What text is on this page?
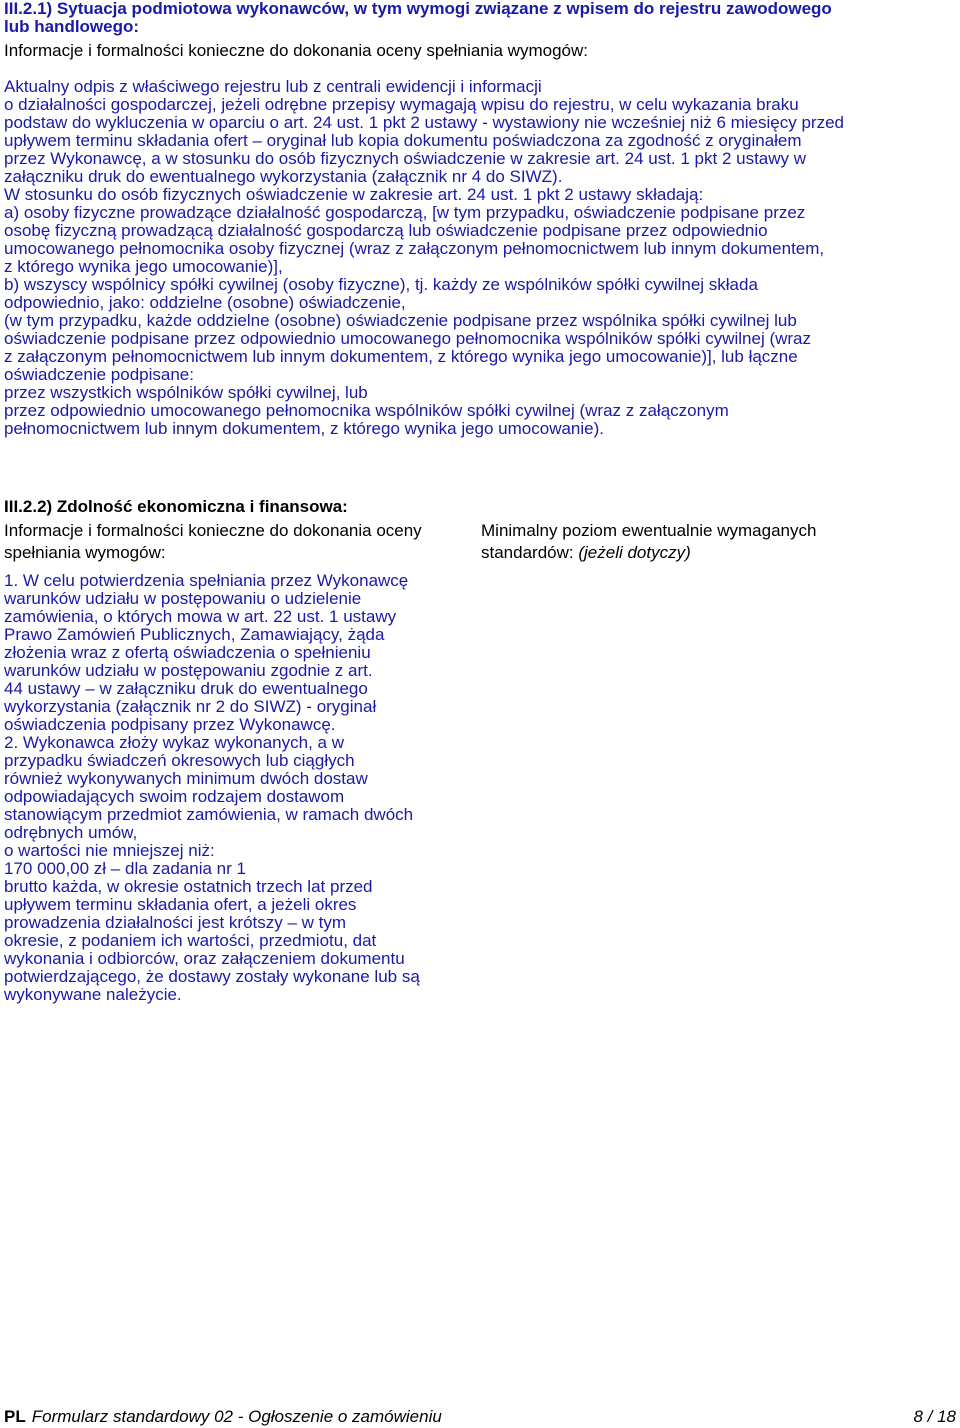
III.2.1) Sytuacja podmiotowa wykonawców, w tym wymogi związane z wpisem do rejestru zawodowego
lub handlowego:
Informacje i formalności konieczne do dokonania oceny spełniania wymogów:
Aktualny odpis z właściwego rejestru lub z centrali ewidencji i informacji
o działalności gospodarczej, jeżeli odrębne przepisy wymagają wpisu do rejestru, w celu wykazania braku
podstaw do wykluczenia w oparciu o art. 24 ust. 1 pkt 2 ustawy - wystawiony nie wcześniej niż 6 miesięcy przed
upływem terminu składania ofert – oryginał lub kopia dokumentu poświadczona za zgodność z oryginałem
przez Wykonawcę, a w stosunku do osób fizycznych oświadczenie w zakresie art. 24 ust. 1 pkt 2 ustawy w
załączniku druk do ewentualnego wykorzystania (załącznik nr 4 do SIWZ).
W stosunku do osób fizycznych oświadczenie w zakresie art. 24 ust. 1 pkt 2 ustawy składają:
a) osoby fizyczne prowadzące działalność gospodarczą, [w tym przypadku, oświadczenie podpisane przez
osobę fizyczną prowadzącą działalność gospodarczą lub oświadczenie podpisane przez odpowiednio
umocowanego pełnomocnika osoby fizycznej (wraz z załączonym pełnomocnictwem lub innym dokumentem,
z którego wynika jego umocowanie)],
b) wszyscy wspólnicy spółki cywilnej (osoby fizyczne), tj. każdy ze wspólników spółki cywilnej składa
odpowiednio, jako: oddzielne (osobne) oświadczenie,
(w tym przypadku, każde oddzielne (osobne) oświadczenie podpisane przez wspólnika spółki cywilnej lub
oświadczenie podpisane przez odpowiednio umocowanego pełnomocnika wspólników spółki cywilnej (wraz
z załączonym pełnomocnictwem lub innym dokumentem, z którego wynika jego umocowanie)], lub łączne
oświadczenie podpisane:
przez wszystkich wspólników spółki cywilnej, lub
przez odpowiednio umocowanego pełnomocnika wspólników spółki cywilnej (wraz z załączonym
pełnomocnictwem lub innym dokumentem, z którego wynika jego umocowanie).
III.2.2) Zdolność ekonomiczna i finansowa:
Informacje i formalności konieczne do dokonania oceny
spełniania wymogów:
Minimalny poziom ewentualnie wymaganych
standardów: (jeżeli dotyczy)
1. W celu potwierdzenia spełniania przez Wykonawcę
warunków udziału w postępowaniu o udzielenie
zamówienia, o których mowa w art. 22 ust. 1 ustawy
Prawo Zamówień Publicznych, Zamawiający, żąda
złożenia wraz z ofertą oświadczenia o spełnieniu
warunków udziału w postępowaniu zgodnie z art.
44 ustawy – w załączniku druk do ewentualnego
wykorzystania (załącznik nr 2 do SIWZ) - oryginał
oświadczenia podpisany przez Wykonawcę.
2. Wykonawca złoży wykaz wykonanych, a w
przypadku świadczeń okresowych lub ciągłych
również wykonywanych minimum dwóch dostaw
odpowiadających swoim rodzajem dostawom
stanowiącym przedmiot zamówienia, w ramach dwóch
odrębnych umów,
o wartości nie mniejszej niż:
170 000,00 zł – dla zadania nr 1
brutto każda, w okresie ostatnich trzech lat przed
upływem terminu składania ofert, a jeżeli okres
prowadzenia działalności jest krótszy – w tym
okresie, z podaniem ich wartości, przedmiotu, dat
wykonania i odbiorców, oraz załączeniem dokumentu
potwierdzającego, że dostawy zostały wykonane lub są
wykonywane należycie.
PL Formularz standardowy 02 - Ogłoszenie o zamówieniu	8 / 18
